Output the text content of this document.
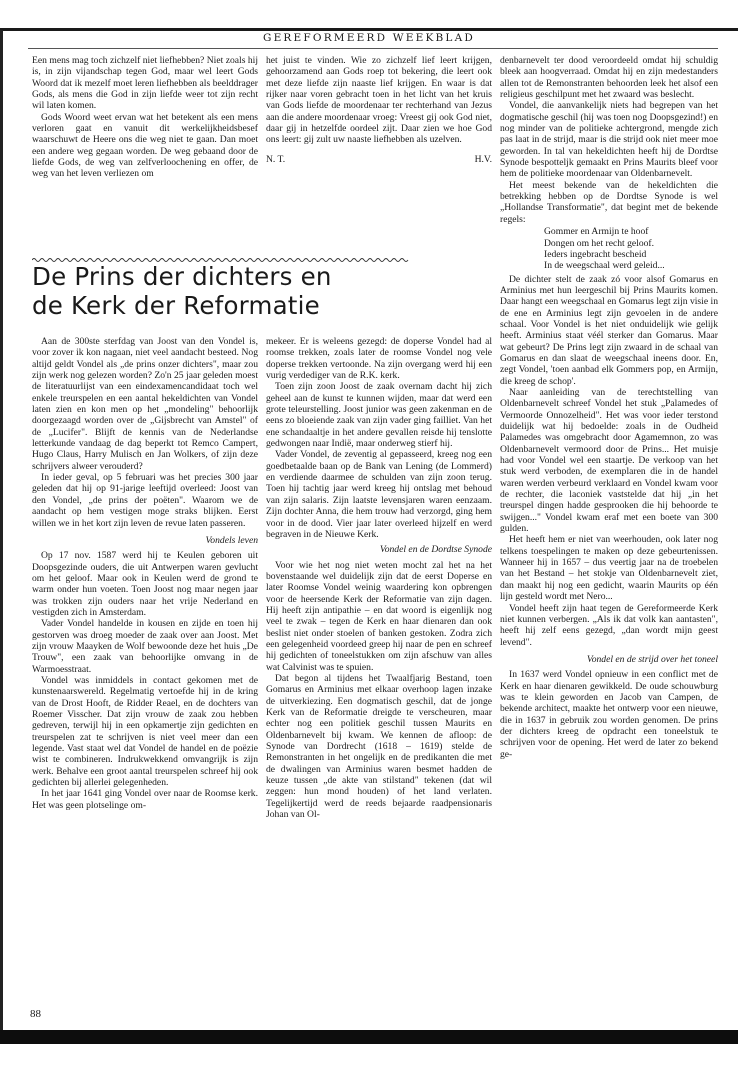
GEREFORMEERD WEEKBLAD

Een mens mag toch zichzelf niet liefhebben? Niet zoals hij is, in zijn vijandschap tegen God, maar wel leert Gods Woord dat ik mezelf moet leren liefhebben als beelddrager Gods, als mens die God in zijn liefde weer tot zijn recht wil laten komen.

Gods Woord weet ervan wat het betekent als een mens verloren gaat en vanuit dit werkelijkheidsbesef waarschuwt de Heere ons die weg niet te gaan. Dan moet een andere weg gegaan worden. De weg gebaand door de liefde Gods, de weg van zelfverloochening en offer, de weg van het leven verliezen om

het juist te vinden. Wie zo zichzelf lief leert krijgen, gehoorzamend aan Gods roep tot bekering, die leert ook met deze liefde zijn naaste lief krijgen. En waar is dat rijker naar voren gebracht toen in het licht van het kruis van Gods liefde de moordenaar ter rechterhand van Jezus aan die andere moordenaar vroeg: Vreest gij ook God niet, daar gij in hetzelfde oordeel zijt. Daar zien we hoe God ons leert: gij zult uw naaste liefhebben als uzelven.

N. T.	H.V.
De Prins der dichters en
de Kerk der Reformatie

Aan de 300ste sterfdag van Joost van den Vondel is, voor zover ik kon nagaan, niet veel aandacht besteed. Nog altijd geldt Vondel als „de prins onzer dichters", maar zou zijn werk nog gelezen worden? Zo'n 25 jaar geleden moest de literatuurlijst van een eindexamencandidaat toch wel enkele treurspelen en een aantal hekeldichten van Vondel laten zien en kon men op het „mondeling" behoorlijk doorgezaagd worden over de „Gijsbrecht van Amstel" of de „Lucifer". Blijft de kennis van de Nederlandse letterkunde vandaag de dag beperkt tot Remco Campert, Hugo Claus, Harry Mulisch en Jan Wolkers, of zijn deze schrijvers alweer verouderd?

In ieder geval, op 5 februari was het precies 300 jaar geleden dat hij op 91-jarige leeftijd overleed: Joost van den Vondel, „de prins der poëten". Waarom we de aandacht op hem vestigen moge straks blijken. Eerst willen we in het kort zijn leven de revue laten passeren.

Vondels leven

Op 17 nov. 1587 werd hij te Keulen geboren uit Doopsgezinde ouders, die uit Antwerpen waren gevlucht om het geloof. Maar ook in Keulen werd de grond te warm onder hun voeten. Toen Joost nog maar negen jaar was trokken zijn ouders naar het vrije Nederland en vestigden zich in Amsterdam.

Vader Vondel handelde in kousen en zijde en toen hij gestorven was droeg moeder de zaak over aan Joost. Met zijn vrouw Maayken de Wolf bewoonde deze het huis „De Trouw", een zaak van behoorlijke omvang in de Warmoesstraat.

Vondel was inmiddels in contact gekomen met de kunstenaarswereld. Regelmatig vertoefde hij in de kring van de Drost Hooft, de Ridder Reael, en de dochters van Roemer Visscher. Dat zijn vrouw de zaak zou hebben gedreven, terwijl hij in een opkamertje zijn gedichten en treurspelen zat te schrijven is niet veel meer dan een legende. Vast staat wel dat Vondel de handel en de poëzie wist te combineren. Indrukwekkend omvangrijk is zijn werk. Behalve een groot aantal treurspelen schreef hij ook gedichten bij allerlei gelegenheden.

In het jaar 1641 ging Vondel over naar de Roomse kerk. Het was geen plotselinge om-

mekeer. Er is weleens gezegd: de doperse Vondel had al roomse trekken, zoals later de roomse Vondel nog vele doperse trekken vertoonde. Na zijn overgang werd hij een vurig verdediger van de R.K. kerk.

Toen zijn zoon Joost de zaak overnam dacht hij zich geheel aan de kunst te kunnen wijden, maar dat werd een grote teleurstelling. Joost junior was geen zakenman en de eens zo bloeiende zaak van zijn vader ging failliet. Van het ene schandaaltje in het andere gevallen reisde hij tenslotte gedwongen naar Indië, maar onderweg stierf hij.

Vader Vondel, de zeventig al gepasseerd, kreeg nog een goedbetaalde baan op de Bank van Lening (de Lommerd) en verdiende daarmee de schulden van zijn zoon terug. Toen hij tachtig jaar werd kreeg hij ontslag met behoud van zijn salaris. Zijn laatste levensjaren waren eenzaam. Zijn dochter Anna, die hem trouw had verzorgd, ging hem voor in de dood. Vier jaar later overleed hijzelf en werd begraven in de Nieuwe Kerk.

Vondel en de Dordtse Synode

Voor wie het nog niet weten mocht zal het na het bovenstaande wel duidelijk zijn dat de eerst Doperse en later Roomse Vondel weinig waardering kon opbrengen voor de heersende Kerk der Reformatie van zijn dagen. Hij heeft zijn antipathie – en dat woord is eigenlijk nog veel te zwak – tegen de Kerk en haar dienaren dan ook beslist niet onder stoelen of banken gestoken. Zodra zich een gelegenheid voordeed greep hij naar de pen en schreef hij gedichten of toneelstukken om zijn afschuw van alles wat Calvinist was te spuien.

Dat begon al tijdens het Twaalfjarig Bestand, toen Gomarus en Arminius met elkaar overhoop lagen inzake de uitverkiezing. Een dogmatisch geschil, dat de jonge Kerk van de Reformatie dreigde te verscheuren, maar echter nog een politiek geschil tussen Maurits en Oldenbarnevelt bij kwam. We kennen de afloop: de Synode van Dordrecht (1618 – 1619) stelde de Remonstranten in het ongelijk en de predikanten die met de dwalingen van Arminius waren besmet hadden de keuze tussen „de akte van stilstand" tekenen (dat wil zeggen: hun mond houden) of het land verlaten. Tegelijkertijd werd de reeds bejaarde raadpensionaris Johan van Ol-

denbarnevelt ter dood veroordeeld omdat hij schuldig bleek aan hoogverraad. Omdat hij en zijn medestanders allen tot de Remonstranten behoorden leek het alsof een religieus geschilpunt met het zwaard was beslecht.

Vondel, die aanvankelijk niets had begrepen van het dogmatische geschil (hij was toen nog Doopsgezind!) en nog minder van de politieke achtergrond, mengde zich pas laat in de strijd, maar is die strijd ook niet meer moe geworden. In tal van hekeldichten heeft hij de Dordtse Synode bespotteljk gemaakt en Prins Maurits bleef voor hem de politieke moordenaar van Oldenbarnevelt.

Het meest bekende van de hekeldichten die betrekking hebben op de Dordtse Synode is wel „Hollandse Transformatie", dat begint met de bekende regels:

Gommer en Armijn te hoof
Dongen om het recht geloof.
Ieders ingebracht bescheid
In de weegschaal werd geleid...

De dichter stelt de zaak zó voor alsof Gomarus en Arminius met hun leergeschil bij Prins Maurits komen. Daar hangt een weegschaal en Gomarus legt zijn visie in de ene en Arminius legt zijn gevoelen in de andere schaal. Voor Vondel is het niet onduidelijk wie gelijk heeft. Arminius staat véél sterker dan Gomarus. Maar wat gebeurt? De Prins legt zijn zwaard in de schaal van Gomarus en dan slaat de weegschaal ineens door. En, zegt Vondel, 'toen aanbad elk Gommers pop, en Armijn, die kreeg de schop'.

Naar aanleiding van de terechtstelling van Oldenbarnevelt schreef Vondel het stuk „Palamedes of Vermoorde Onnozelheid". Het was voor ieder terstond duidelijk wat hij bedoelde: zoals in de Oudheid Palamedes was omgebracht door Agamemnon, zo was Oldenbarnevelt vermoord door de Prins... Het muisje had voor Vondel wel een staartje. De verkoop van het stuk werd verboden, de exemplaren die in de handel waren werden verbeurd verklaard en Vondel kwam voor de rechter, die laconiek vaststelde dat hij „in het treurspel dingen hadde gesprooken die hij behoorde te swijgen..." Vondel kwam eraf met een boete van 300 gulden.

Het heeft hem er niet van weerhouden, ook later nog telkens toespelingen te maken op deze gebeurtenissen. Wanneer hij in 1657 – dus veertig jaar na de troebelen van het Bestand – het stokje van Oldenbarnevelt ziet, dan maakt hij nog een gedicht, waarin Maurits op één lijn gesteld wordt met Nero...

Vondel heeft zijn haat tegen de Gereformeerde Kerk niet kunnen verbergen. „Als ik dat volk kan aantasten", heeft hij zelf eens gezegd, „dan wordt mijn geest levend".

Vondel en de strijd over het toneel

In 1637 werd Vondel opnieuw in een conflict met de Kerk en haar dienaren gewikkeld. De oude schouwburg was te klein geworden en Jacob van Campen, de bekende architect, maakte het ontwerp voor een nieuwe, die in 1637 in gebruik zou worden genomen. De prins der dichters kreeg de opdracht een toneelstuk te schrijven voor de opening. Het werd de later zo bekend ge-

88
